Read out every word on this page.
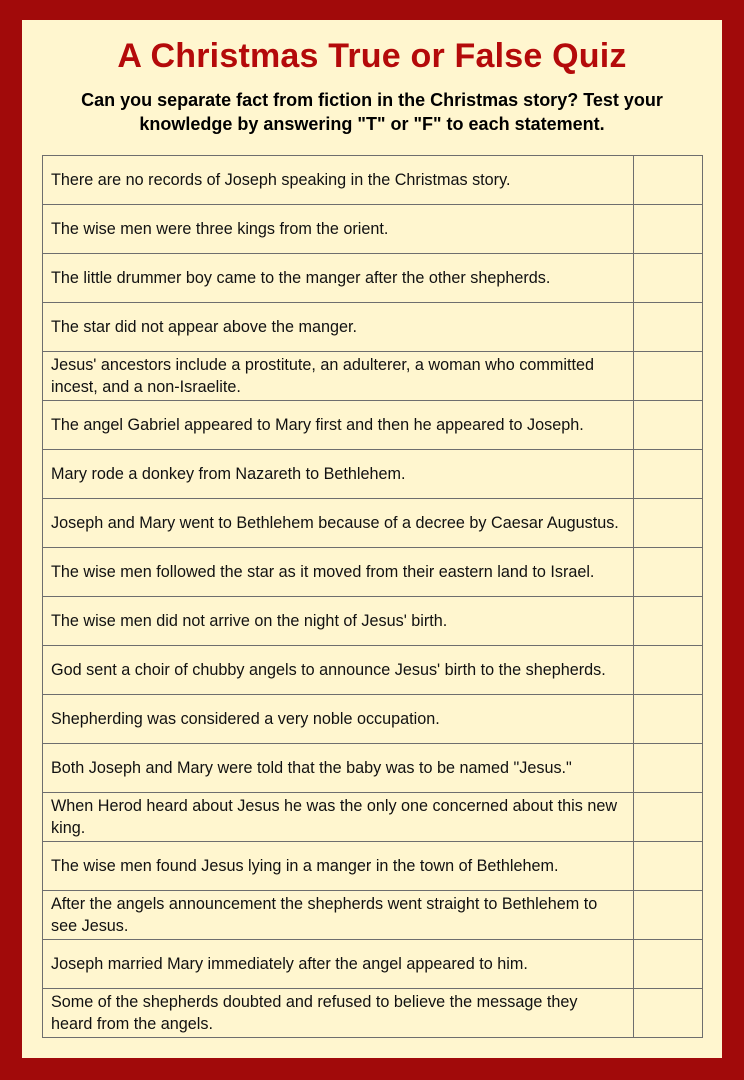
A Christmas True or False Quiz
Can you separate fact from fiction in the Christmas story? Test your knowledge by answering "T" or "F" to each statement.
There are no records of Joseph speaking in the Christmas story.	
The wise men were three kings from the orient.	
The little drummer boy came to the manger after the other shepherds.	
The star did not appear above the manger.	
Jesus' ancestors include a prostitute, an adulterer, a woman who committed incest, and a non-Israelite.	
The angel Gabriel appeared to Mary first and then he appeared to Joseph.	
Mary rode a donkey from Nazareth to Bethlehem.	
Joseph and Mary went to Bethlehem because of a decree by Caesar Augustus.	
The wise men followed the star as it moved from their eastern land to Israel.	
The wise men did not arrive on the night of Jesus' birth.	
God sent a choir of chubby angels to announce Jesus' birth to the shepherds.	
Shepherding was considered a very noble occupation.	
Both Joseph and Mary were told that the baby was to be named "Jesus."	
When Herod heard about Jesus he was the only one concerned about this new king.	
The wise men found Jesus lying in a manger in the town of Bethlehem.	
After the angels announcement the shepherds went straight to Bethlehem to see Jesus.	
Joseph married Mary immediately after the angel appeared to him.	
Some of the shepherds doubted and refused to believe the message they heard from the angels.	
